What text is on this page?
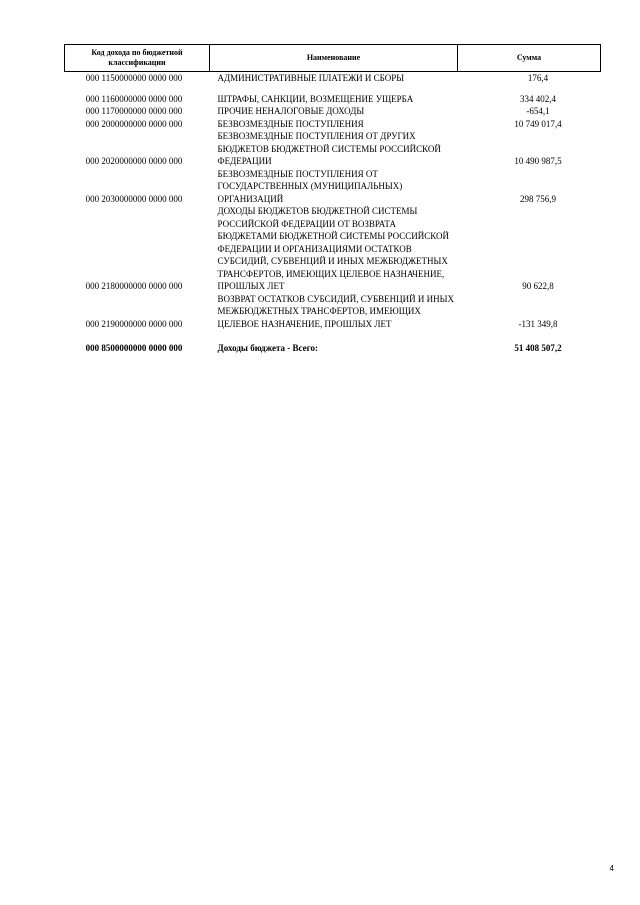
Код дохода по бюджетной классификации	Наименование	Сумма
000 1150000000 0000 000	АДМИНИСТРАТИВНЫЕ ПЛАТЕЖИ И СБОРЫ	176,4

000 1160000000 0000 000	ШТРАФЫ, САНКЦИИ, ВОЗМЕЩЕНИЕ УЩЕРБА	334 402,4
000 1170000000 0000 000	ПРОЧИЕ НЕНАЛОГОВЫЕ ДОХОДЫ	-654,1
000 2000000000 0000 000	БЕЗВОЗМЕЗДНЫЕ ПОСТУПЛЕНИЯ	10 749 017,4
000 2020000000 0000 000	БЕЗВОЗМЕЗДНЫЕ ПОСТУПЛЕНИЯ ОТ ДРУГИХ БЮДЖЕТОВ БЮДЖЕТНОЙ СИСТЕМЫ РОССИЙСКОЙ ФЕДЕРАЦИИ	10 490 987,5
000 2030000000 0000 000	БЕЗВОЗМЕЗДНЫЕ ПОСТУПЛЕНИЯ ОТ ГОСУДАРСТВЕННЫХ (МУНИЦИПАЛЬНЫХ) ОРГАНИЗАЦИЙ	298 756,9
000 2180000000 0000 000	ДОХОДЫ БЮДЖЕТОВ БЮДЖЕТНОЙ СИСТЕМЫ РОССИЙСКОЙ ФЕДЕРАЦИИ ОТ ВОЗВРАТА БЮДЖЕТАМИ БЮДЖЕТНОЙ СИСТЕМЫ РОССИЙСКОЙ ФЕДЕРАЦИИ И ОРГАНИЗАЦИЯМИ ОСТАТКОВ СУБСИДИЙ, СУБВЕНЦИЙ И ИНЫХ МЕЖБЮДЖЕТНЫХ ТРАНСФЕРТОВ, ИМЕЮЩИХ ЦЕЛЕВОЕ НАЗНАЧЕНИЕ, ПРОШЛЫХ ЛЕТ	90 622,8
000 2190000000 0000 000	ВОЗВРАТ ОСТАТКОВ СУБСИДИЙ, СУБВЕНЦИЙ И ИНЫХ МЕЖБЮДЖЕТНЫХ ТРАНСФЕРТОВ, ИМЕЮЩИХ ЦЕЛЕВОЕ НАЗНАЧЕНИЕ, ПРОШЛЫХ ЛЕТ	-131 349,8
000 8500000000 0000 000	Доходы бюджета - Всего:	51 408 507,2
4
